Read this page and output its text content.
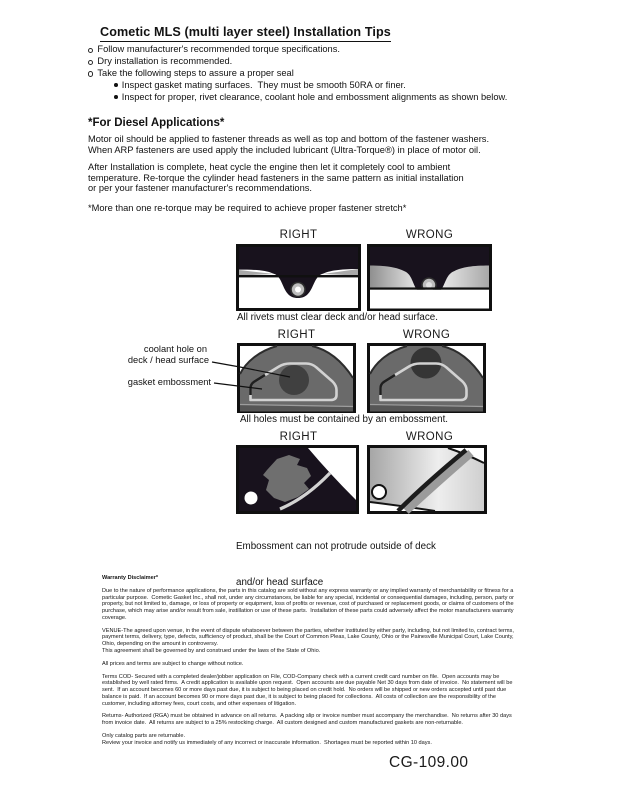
Cometic MLS (multi layer steel) Installation Tips
Follow manufacturer's recommended torque specifications.
Dry installation is recommended.
Take the following steps to assure a proper seal
Inspect gasket mating surfaces.  They must be smooth 50RA or finer.
Inspect for proper, rivet clearance, coolant hole and embossment alignments as shown below.
*For Diesel Applications*
Motor oil should be applied to fastener threads as well as top and bottom of the fastener washers.
When ARP fasteners are used apply the included lubricant (Ultra-Torque®) in place of motor oil.
After Installation is complete, heat cycle the engine then let it completely cool to ambient
temperature. Re-torque the cylinder head fasteners in the same pattern as initial installation
or per your fastener manufacturer's recommendations.
*More than one re-torque may be required to achieve proper fastener stretch*
RIGHT	WRONG
All rivets must clear deck and/or head surface.
RIGHT	WRONG
coolant hole on
deck / head surface
gasket embossment
All holes must be contained by an embossment.
RIGHT	WRONG

Embossment can not protrude outside of deck

and/or head surface

Warranty Disclaimer*

Due to the nature of performance applications, the parts in this catalog are sold without any express warranty or any implied warranty of merchantability or fitness for a particular purpose.  Cometic Gasket Inc., shall not, under any circumstances, be liable for any special, incidental or consequential damages, including, person, party or property, but not limited to, damage, or loss of property or equipment, loss of profits or revenue, cost of purchased or replacement goods, or claims of customers of the purchase, which may arise and/or result from sale, instillation or use of these parts.  Installation of these parts could adversely affect the motor manufacturers warranty coverage.

VENUE-The agreed upon venue, in the event of dispute whatsoever between the parties, whether instituted by either party, including, but not limited to, contract terms, payment terms, delivery, type, defects, sufficiency of product, shall be the Court of Common Pleas, Lake County, Ohio or the Painesville Municipal Court, Lake County, Ohio, depending on the amount in controversy.

This agreement shall be governed by and construed under the laws of the State of Ohio.

All prices and terms are subject to change without notice.

Terms COD- Secured with a completed dealer/jobber application on File, COD-Company check with a current credit card number on file.  Open accounts may be established by well rated firms.  A credit application is available upon request.  Open accounts are due payable Net 30 days from date of invoice.  No statement will be sent.  If an account becomes 60 or more days past due, it is subject to being placed on credit hold.  No orders will be shipped or new orders accepted until past due balance is paid.  If an account becomes 90 or more days past due, it is subject to being placed for collections.  All costs of collection are the responsibility of the customer, including attorney fees, court costs, and other expenses of litigation.

Returns- Authorized (RGA) must be obtained in advance on all returns.  A packing slip or invoice number must accompany the merchandise.  No returns after 30 days from invoice date.  All returns are subject to a 25% restocking charge.  All custom designed and custom manufactured gaskets are non-returnable.

Only catalog parts are returnable.

Review your invoice and notify us immediately of any incorrect or inaccurate information.  Shortages must be reported within 10 days.

CG-109.00
